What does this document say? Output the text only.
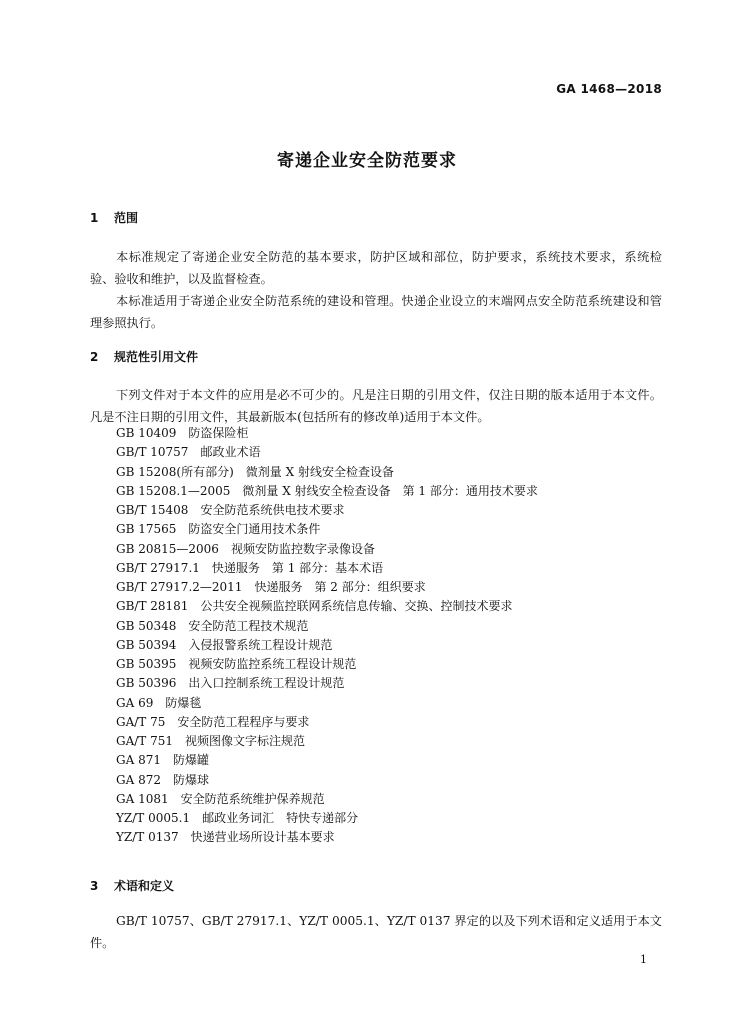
GA 1468—2018
寄递企业安全防范要求
1 范围
本标准规定了寄递企业安全防范的基本要求，防护区域和部位，防护要求，系统技术要求，系统检验、验收和维护，以及监督检查。
本标准适用于寄递企业安全防范系统的建设和管理。快递企业设立的末端网点安全防范系统建设和管理参照执行。
2 规范性引用文件
下列文件对于本文件的应用是必不可少的。凡是注日期的引用文件，仅注日期的版本适用于本文件。凡是不注日期的引用文件，其最新版本(包括所有的修改单)适用于本文件。
GB 10409 防盗保险柜
GB/T 10757 邮政业术语
GB 15208(所有部分) 微剂量 X 射线安全检查设备
GB 15208.1—2005 微剂量 X 射线安全检查设备　第 1 部分：通用技术要求
GB/T 15408 安全防范系统供电技术要求
GB 17565 防盗安全门通用技术条件
GB 20815—2006 视频安防监控数字录像设备
GB/T 27917.1 快递服务　第 1 部分：基本术语
GB/T 27917.2—2011 快递服务　第 2 部分：组织要求
GB/T 28181 公共安全视频监控联网系统信息传输、交换、控制技术要求
GB 50348 安全防范工程技术规范
GB 50394 入侵报警系统工程设计规范
GB 50395 视频安防监控系统工程设计规范
GB 50396 出入口控制系统工程设计规范
GA 69 防爆毯
GA/T 75 安全防范工程程序与要求
GA/T 751 视频图像文字标注规范
GA 871 防爆罐
GA 872 防爆球
GA 1081 安全防范系统维护保养规范
YZ/T 0005.1 邮政业务词汇　特快专递部分
YZ/T 0137 快递营业场所设计基本要求
3 术语和定义
GB/T 10757、GB/T 27917.1、YZ/T 0005.1、YZ/T 0137 界定的以及下列术语和定义适用于本文件。
1
